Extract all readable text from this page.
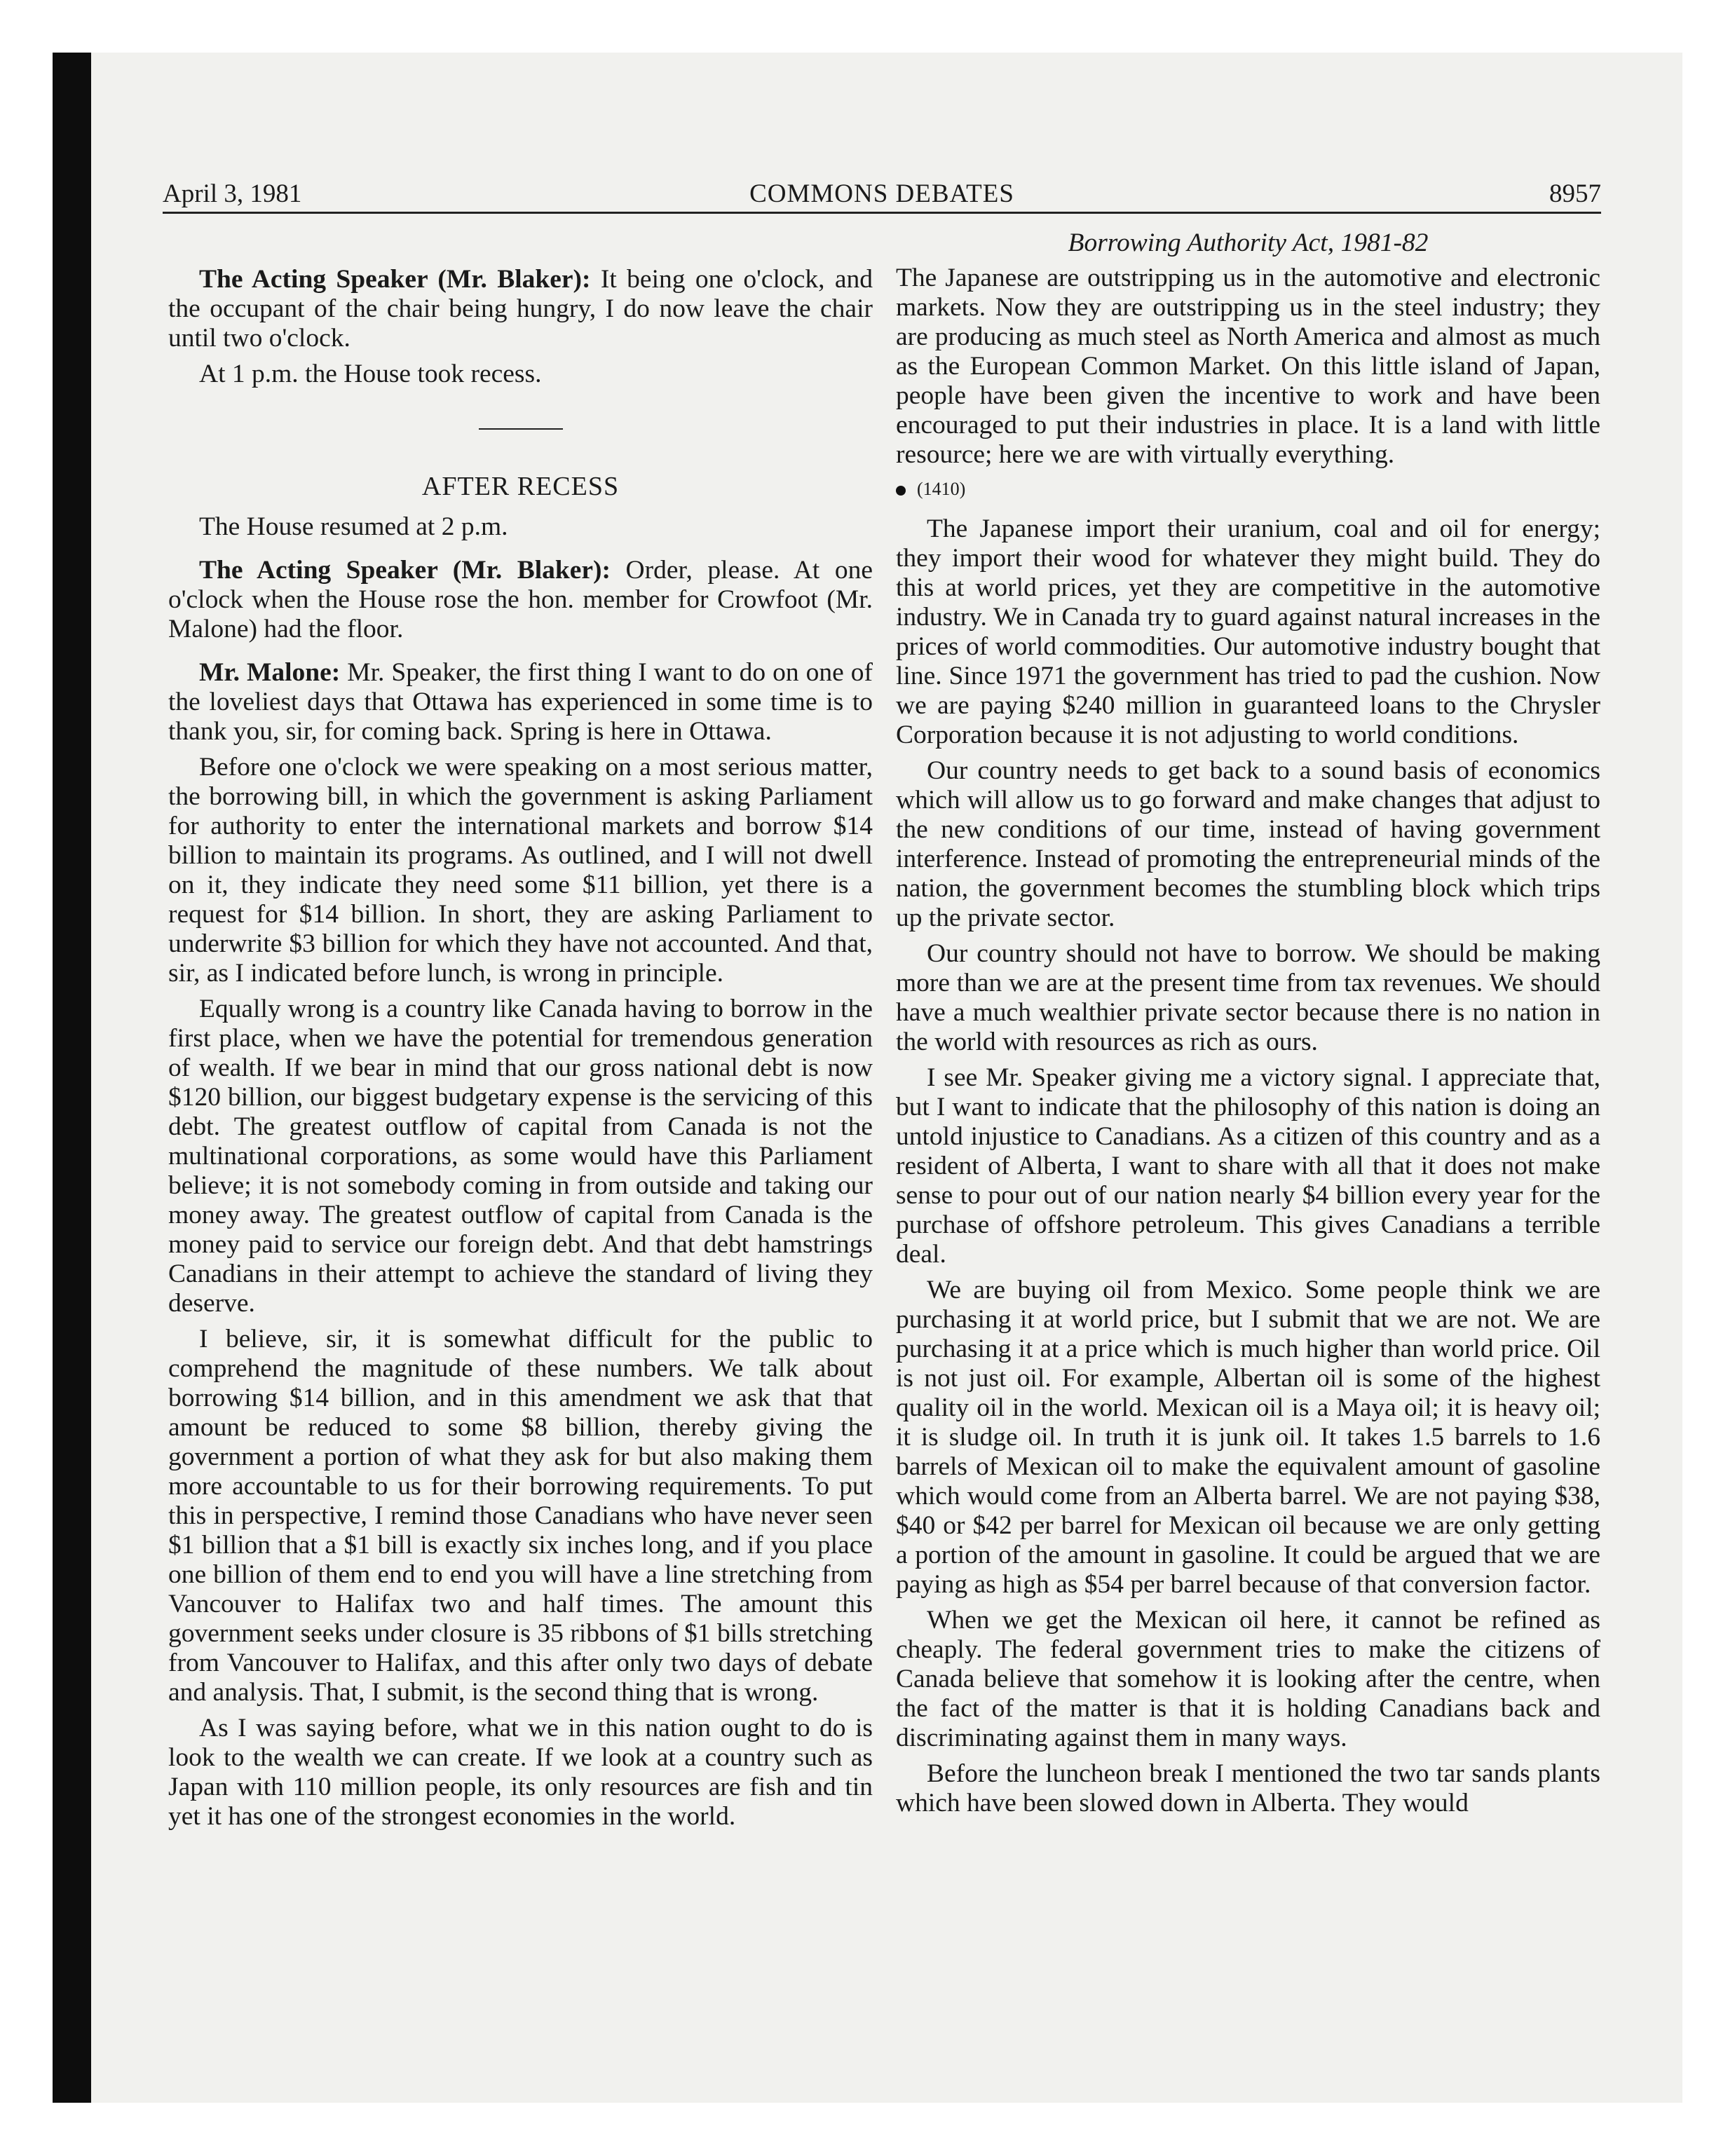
April 3, 1981	COMMONS DEBATES	8957

The Acting Speaker (Mr. Blaker): It being one o'clock, and the occupant of the chair being hungry, I do now leave the chair until two o'clock.

At 1 p.m. the House took recess.

AFTER RECESS

The House resumed at 2 p.m.

The Acting Speaker (Mr. Blaker): Order, please. At one o'clock when the House rose the hon. member for Crowfoot (Mr. Malone) had the floor.

Mr. Malone: Mr. Speaker, the first thing I want to do on one of the loveliest days that Ottawa has experienced in some time is to thank you, sir, for coming back. Spring is here in Ottawa.

Before one o'clock we were speaking on a most serious matter, the borrowing bill, in which the government is asking Parliament for authority to enter the international markets and borrow $14 billion to maintain its programs. As outlined, and I will not dwell on it, they indicate they need some $11 billion, yet there is a request for $14 billion. In short, they are asking Parliament to underwrite $3 billion for which they have not accounted. And that, sir, as I indicated before lunch, is wrong in principle.

Equally wrong is a country like Canada having to borrow in the first place, when we have the potential for tremendous generation of wealth. If we bear in mind that our gross national debt is now $120 billion, our biggest budgetary expense is the servicing of this debt. The greatest outflow of capital from Canada is not the multinational corporations, as some would have this Parliament believe; it is not somebody coming in from outside and taking our money away. The greatest outflow of capital from Canada is the money paid to service our foreign debt. And that debt hamstrings Canadians in their attempt to achieve the standard of living they deserve.

I believe, sir, it is somewhat difficult for the public to comprehend the magnitude of these numbers. We talk about borrowing $14 billion, and in this amendment we ask that that amount be reduced to some $8 billion, thereby giving the government a portion of what they ask for but also making them more accountable to us for their borrowing requirements. To put this in perspective, I remind those Canadians who have never seen $1 billion that a $1 bill is exactly six inches long, and if you place one billion of them end to end you will have a line stretching from Vancouver to Halifax two and half times. The amount this government seeks under closure is 35 ribbons of $1 bills stretching from Vancouver to Halifax, and this after only two days of debate and analysis. That, I submit, is the second thing that is wrong.

As I was saying before, what we in this nation ought to do is look to the wealth we can create. If we look at a country such as Japan with 110 million people, its only resources are fish and tin yet it has one of the strongest economies in the world.

Borrowing Authority Act, 1981-82

The Japanese are outstripping us in the automotive and electronic markets. Now they are outstripping us in the steel industry; they are producing as much steel as North America and almost as much as the European Common Market. On this little island of Japan, people have been given the incentive to work and have been encouraged to put their industries in place. It is a land with little resource; here we are with virtually everything.

(1410)

The Japanese import their uranium, coal and oil for energy; they import their wood for whatever they might build. They do this at world prices, yet they are competitive in the automotive industry. We in Canada try to guard against natural increases in the prices of world commodities. Our automotive industry bought that line. Since 1971 the government has tried to pad the cushion. Now we are paying $240 million in guaranteed loans to the Chrysler Corporation because it is not adjusting to world conditions.

Our country needs to get back to a sound basis of economics which will allow us to go forward and make changes that adjust to the new conditions of our time, instead of having government interference. Instead of promoting the entrepreneurial minds of the nation, the government becomes the stumbling block which trips up the private sector.

Our country should not have to borrow. We should be making more than we are at the present time from tax revenues. We should have a much wealthier private sector because there is no nation in the world with resources as rich as ours.

I see Mr. Speaker giving me a victory signal. I appreciate that, but I want to indicate that the philosophy of this nation is doing an untold injustice to Canadians. As a citizen of this country and as a resident of Alberta, I want to share with all that it does not make sense to pour out of our nation nearly $4 billion every year for the purchase of offshore petroleum. This gives Canadians a terrible deal.

We are buying oil from Mexico. Some people think we are purchasing it at world price, but I submit that we are not. We are purchasing it at a price which is much higher than world price. Oil is not just oil. For example, Albertan oil is some of the highest quality oil in the world. Mexican oil is a Maya oil; it is heavy oil; it is sludge oil. In truth it is junk oil. It takes 1.5 barrels to 1.6 barrels of Mexican oil to make the equivalent amount of gasoline which would come from an Alberta barrel. We are not paying $38, $40 or $42 per barrel for Mexican oil because we are only getting a portion of the amount in gasoline. It could be argued that we are paying as high as $54 per barrel because of that conversion factor.

When we get the Mexican oil here, it cannot be refined as cheaply. The federal government tries to make the citizens of Canada believe that somehow it is looking after the centre, when the fact of the matter is that it is holding Canadians back and discriminating against them in many ways.

Before the luncheon break I mentioned the two tar sands plants which have been slowed down in Alberta. They would
